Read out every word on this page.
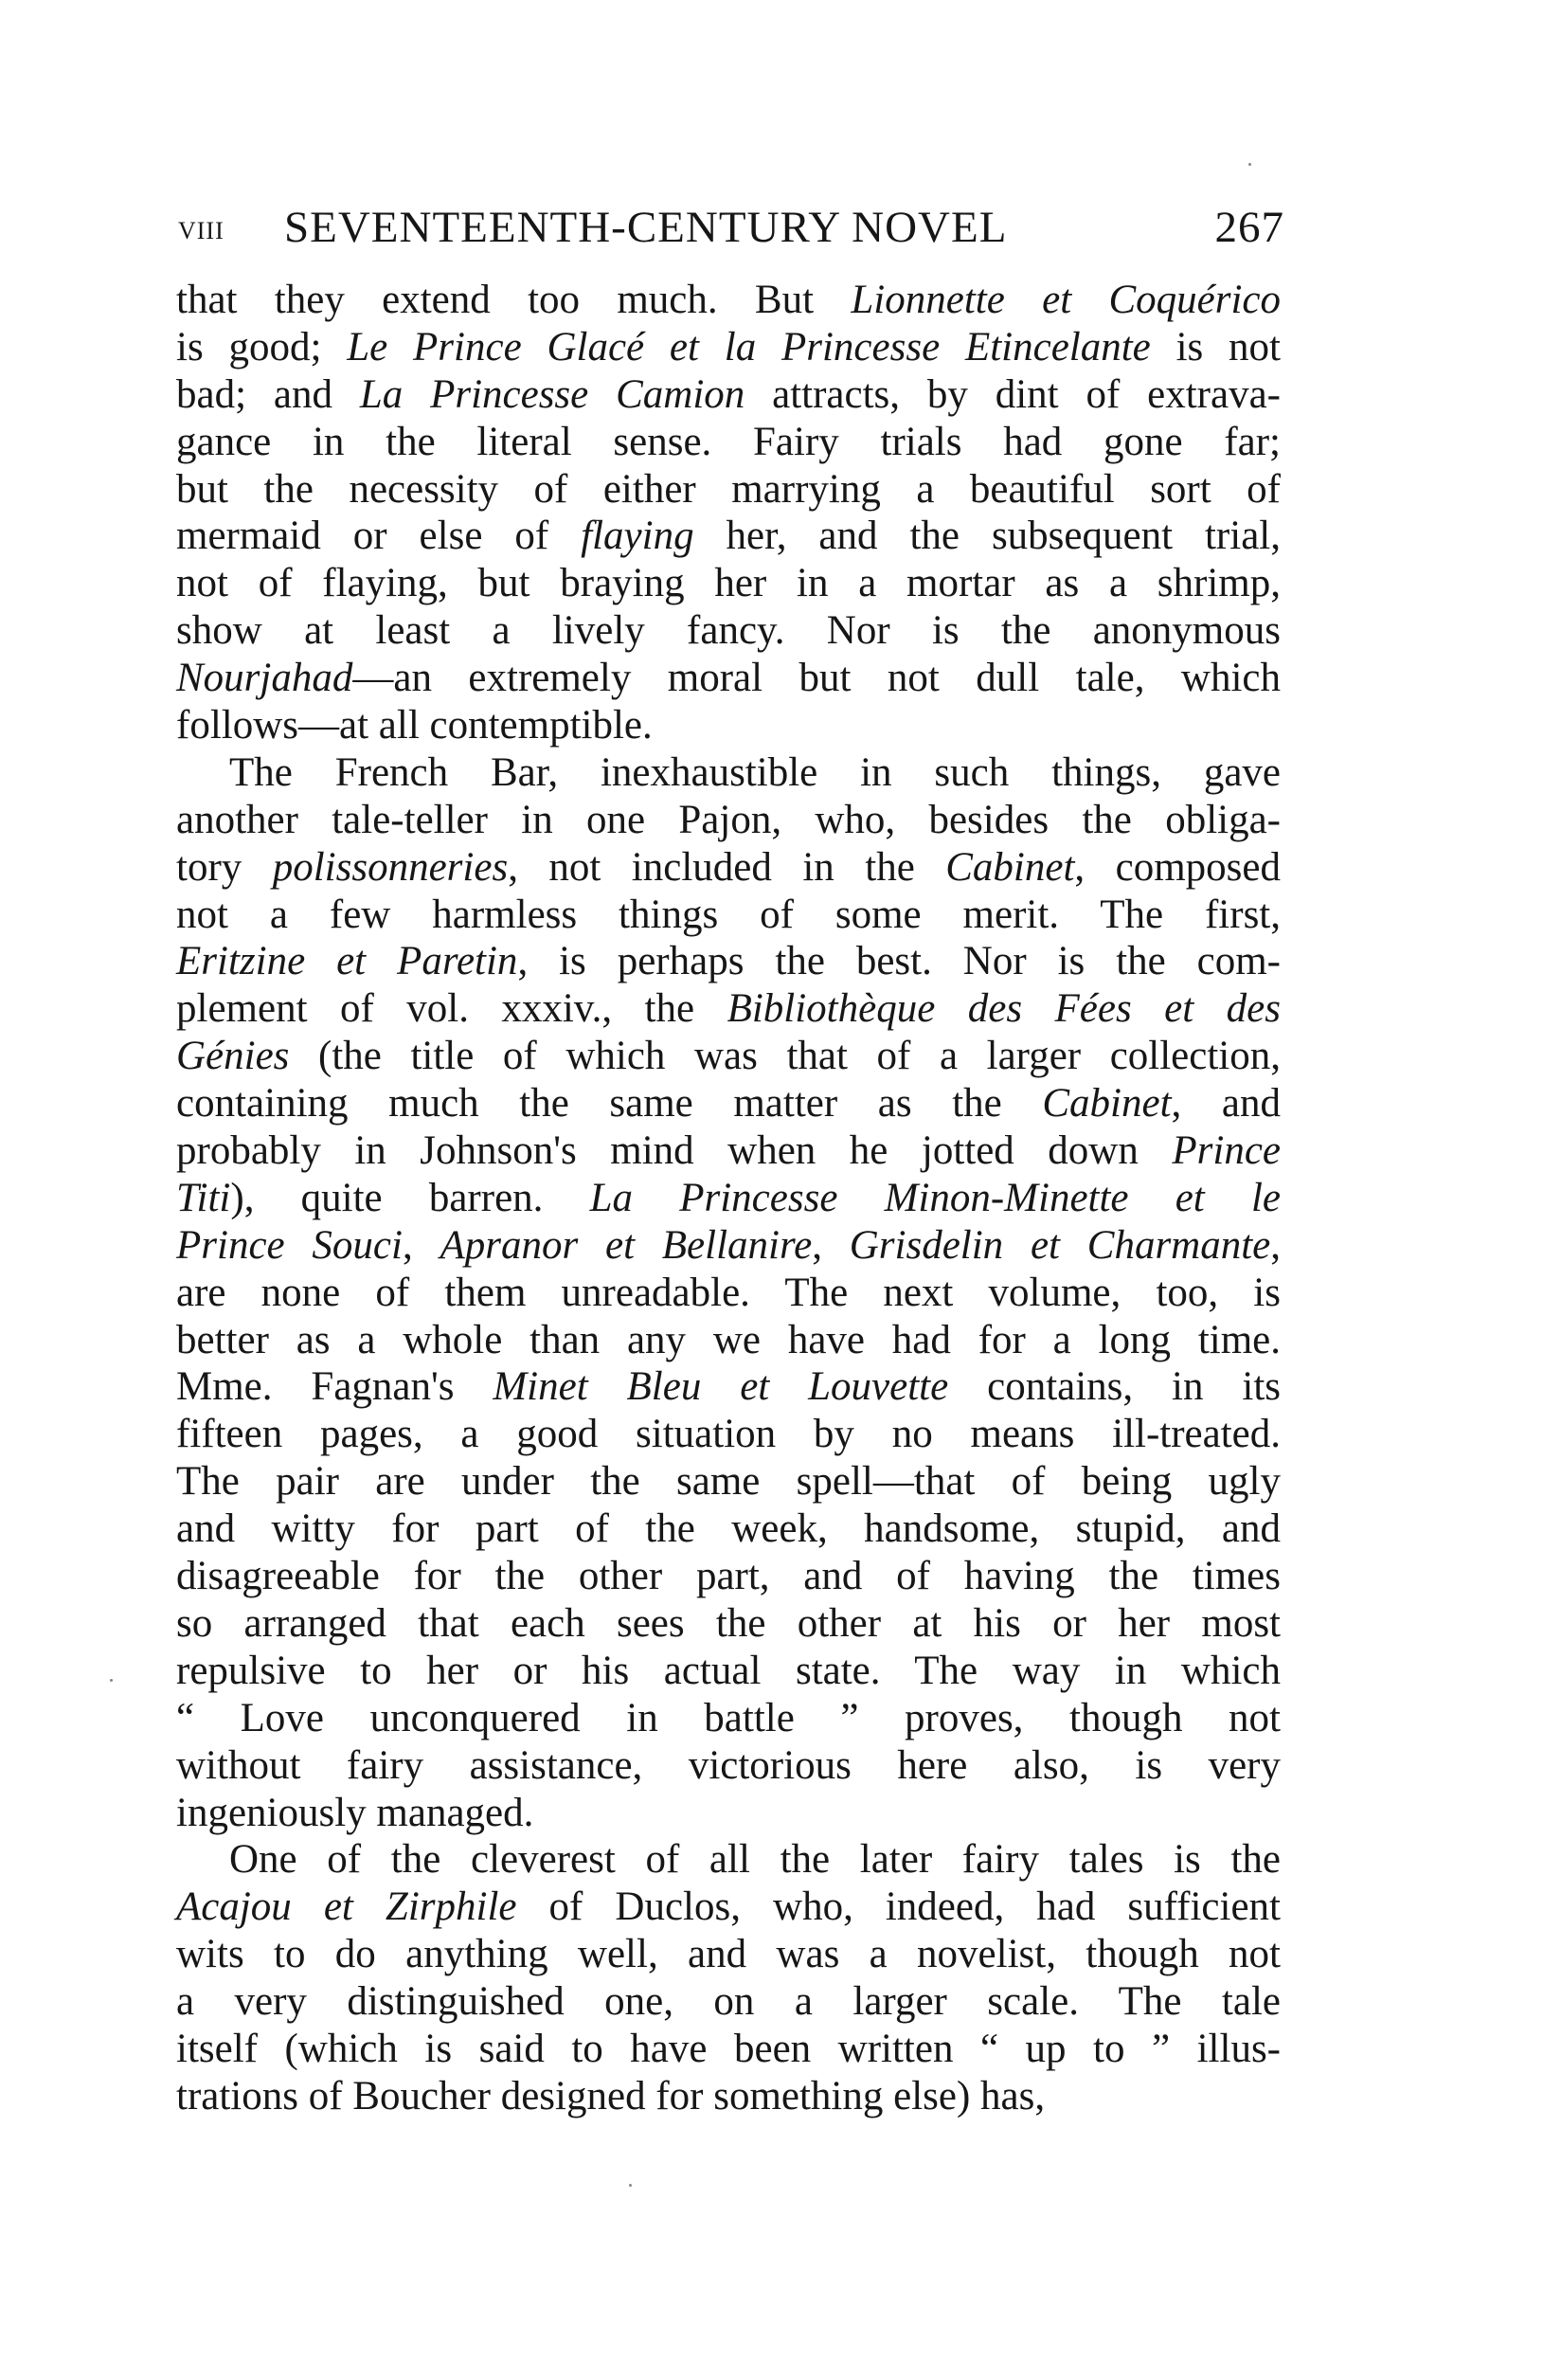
VIII SEVENTEENTH-CENTURY NOVEL	267
that they extend too much. But Lionnette et Coquérico
is good; Le Prince Glacé et la Princesse Etincelante is not
bad; and La Princesse Camion attracts, by dint of extrava-
gance in the literal sense. Fairy trials had gone far;
but the necessity of either marrying a beautiful sort of
mermaid or else of flaying her, and the subsequent trial,
not of flaying, but braying her in a mortar as a shrimp,
show at least a lively fancy. Nor is the anonymous
Nourjahad—an extremely moral but not dull tale, which
follows—at all contemptible.
The French Bar, inexhaustible in such things, gave
another tale-teller in one Pajon, who, besides the obliga-
tory polissonneries, not included in the Cabinet, composed
not a few harmless things of some merit. The first,
Eritzine et Paretin, is perhaps the best. Nor is the com-
plement of vol. xxxiv., the Bibliothèque des Fées et des
Génies (the title of which was that of a larger collection,
containing much the same matter as the Cabinet, and
probably in Johnson's mind when he jotted down Prince
Titi), quite barren. La Princesse Minon-Minette et le
Prince Souci, Apranor et Bellanire, Grisdelin et Charmante,
are none of them unreadable. The next volume, too, is
better as a whole than any we have had for a long time.
Mme. Fagnan's Minet Bleu et Louvette contains, in its
fifteen pages, a good situation by no means ill-treated.
The pair are under the same spell—that of being ugly
and witty for part of the week, handsome, stupid, and
disagreeable for the other part, and of having the times
so arranged that each sees the other at his or her most
repulsive to her or his actual state. The way in which
“ Love unconquered in battle ” proves, though not
without fairy assistance, victorious here also, is very
ingeniously managed.
One of the cleverest of all the later fairy tales is the
Acajou et Zirphile of Duclos, who, indeed, had sufficient
wits to do anything well, and was a novelist, though not
a very distinguished one, on a larger scale. The tale
itself (which is said to have been written “ up to ” illus-
trations of Boucher designed for something else) has,
